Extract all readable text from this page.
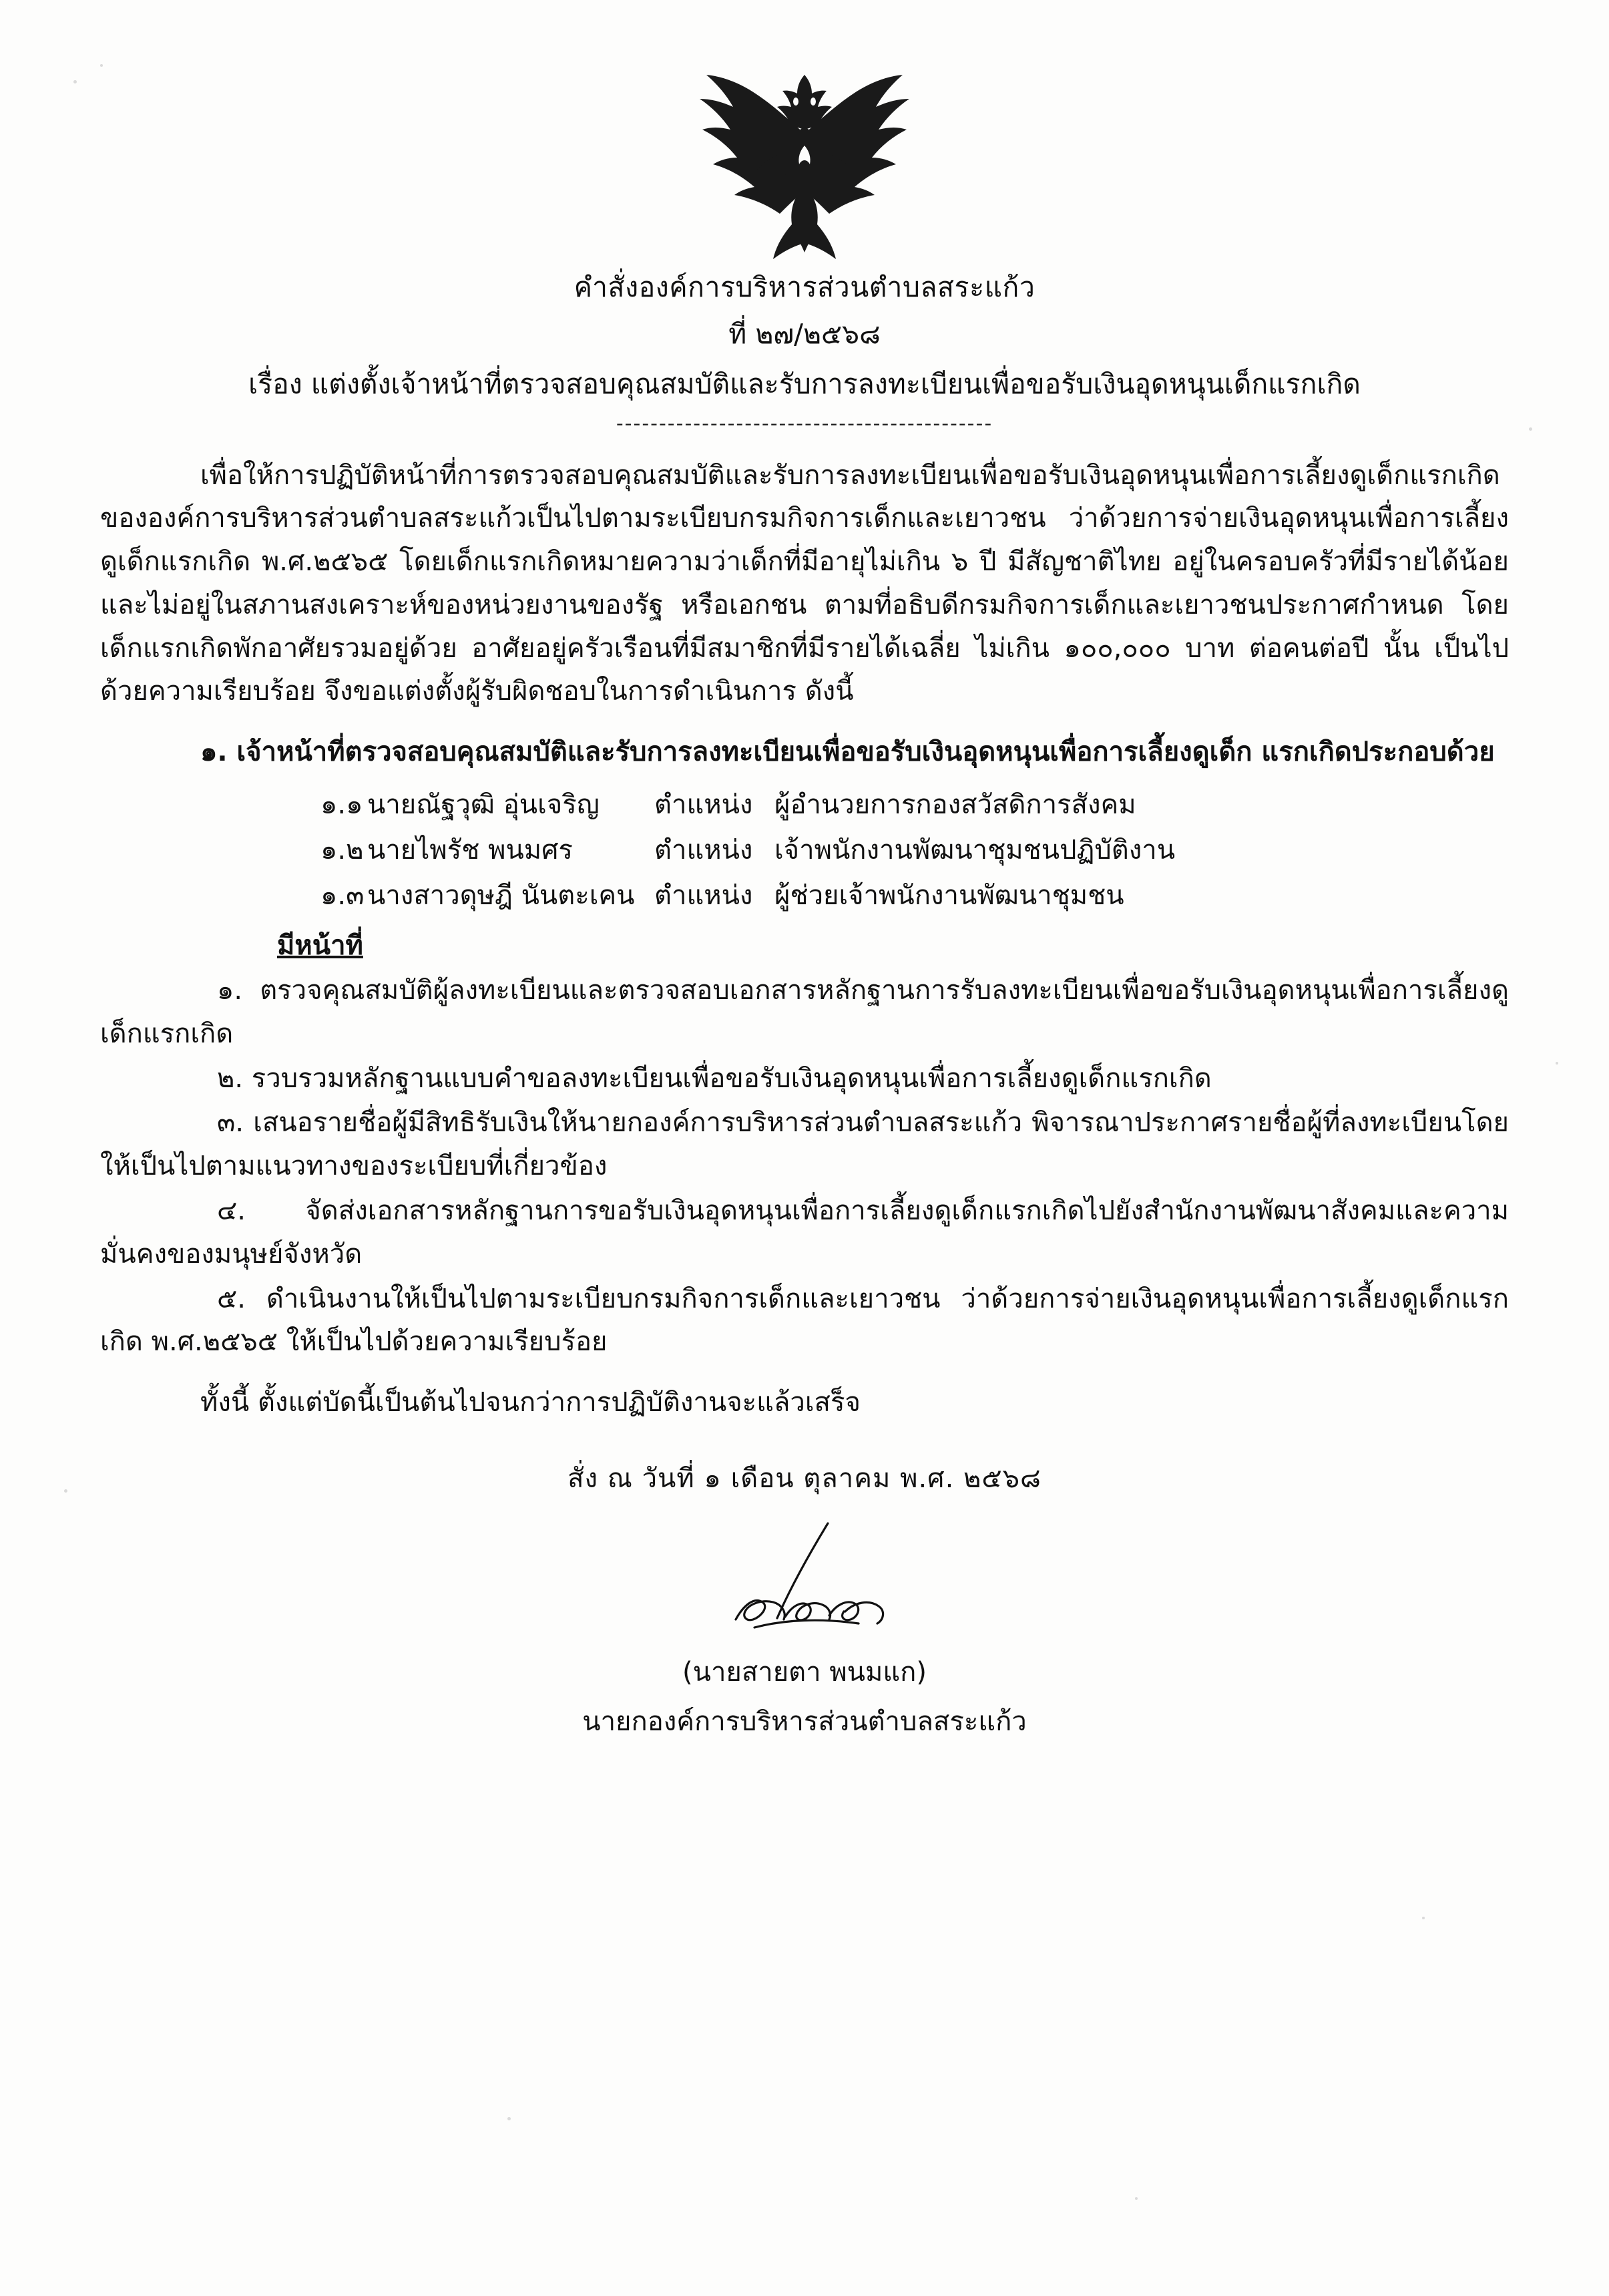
คำสั่งองค์การบริหารส่วนตำบลสระแก้ว
ที่ ๒๗/๒๕๖๘
เรื่อง แต่งตั้งเจ้าหน้าที่ตรวจสอบคุณสมบัติและรับการลงทะเบียนเพื่อขอรับเงินอุดหนุนเด็กแรกเกิด
--------------------------------------------
เพื่อให้การปฏิบัติหน้าที่การตรวจสอบคุณสมบัติและรับการลงทะเบียนเพื่อขอรับเงินอุดหนุนเพื่อการเลี้ยงดูเด็กแรกเกิดขององค์การบริหารส่วนตำบลสระแก้วเป็นไปตามระเบียบกรมกิจการเด็กและเยาวชน ว่าด้วยการจ่ายเงินอุดหนุนเพื่อการเลี้ยงดูเด็กแรกเกิด พ.ศ.๒๕๖๕ โดยเด็กแรกเกิดหมายความว่าเด็กที่มีอายุไม่เกิน ๖ ปี มีสัญชาติไทย อยู่ในครอบครัวที่มีรายได้น้อย และไม่อยู่ในสภานสงเคราะห์ของหน่วยงานของรัฐ หรือเอกชน ตามที่อธิบดีกรมกิจการเด็กและเยาวชนประกาศกำหนด โดยเด็กแรกเกิดพักอาศัยรวมอยู่ด้วย อาศัยอยู่ครัวเรือนที่มีสมาชิกที่มีรายได้เฉลี่ย ไม่เกิน ๑๐๐,๐๐๐ บาท ต่อคนต่อปี นั้น เป็นไปด้วยความเรียบร้อย จึงขอแต่งตั้งผู้รับผิดชอบในการดำเนินการ ดังนี้
๑. เจ้าหน้าที่ตรวจสอบคุณสมบัติและรับการลงทะเบียนเพื่อขอรับเงินอุดหนุนเพื่อการเลี้ยงดูเด็ก แรกเกิดประกอบด้วย
๑.๑ นายณัฐวุฒิ อุ่นเจริญ	ตำแหน่ง ผู้อำนวยการกองสวัสดิการสังคม
๑.๒ นายไพรัช พนมศร	ตำแหน่ง เจ้าพนักงานพัฒนาชุมชนปฏิบัติงาน
๑.๓ นางสาวดุษฎี นันตะเคน ตำแหน่ง ผู้ช่วยเจ้าพนักงานพัฒนาชุมชน
มีหน้าที่
๑. ตรวจคุณสมบัติผู้ลงทะเบียนและตรวจสอบเอกสารหลักฐานการรับลงทะเบียนเพื่อขอรับเงินอุดหนุนเพื่อการเลี้ยงดูเด็กแรกเกิด
๒. รวบรวมหลักฐานแบบคำขอลงทะเบียนเพื่อขอรับเงินอุดหนุนเพื่อการเลี้ยงดูเด็กแรกเกิด
๓. เสนอรายชื่อผู้มีสิทธิรับเงินให้นายกองค์การบริหารส่วนตำบลสระแก้ว พิจารณาประกาศรายชื่อผู้ที่ลงทะเบียนโดยให้เป็นไปตามแนวทางของระเบียบที่เกี่ยวข้อง
๔. จัดส่งเอกสารหลักฐานการขอรับเงินอุดหนุนเพื่อการเลี้ยงดูเด็กแรกเกิดไปยังสำนักงานพัฒนาสังคมและความมั่นคงของมนุษย์จังหวัด
๕. ดำเนินงานให้เป็นไปตามระเบียบกรมกิจการเด็กและเยาวชน ว่าด้วยการจ่ายเงินอุดหนุนเพื่อการเลี้ยงดูเด็กแรกเกิด พ.ศ.๒๕๖๕ ให้เป็นไปด้วยความเรียบร้อย
ทั้งนี้ ตั้งแต่บัดนี้เป็นต้นไปจนกว่าการปฏิบัติงานจะแล้วเสร็จ
สั่ง ณ วันที่ ๑ เดือน ตุลาคม พ.ศ. ๒๕๖๘
(นายสายตา พนมแก)
นายกองค์การบริหารส่วนตำบลสระแก้ว
